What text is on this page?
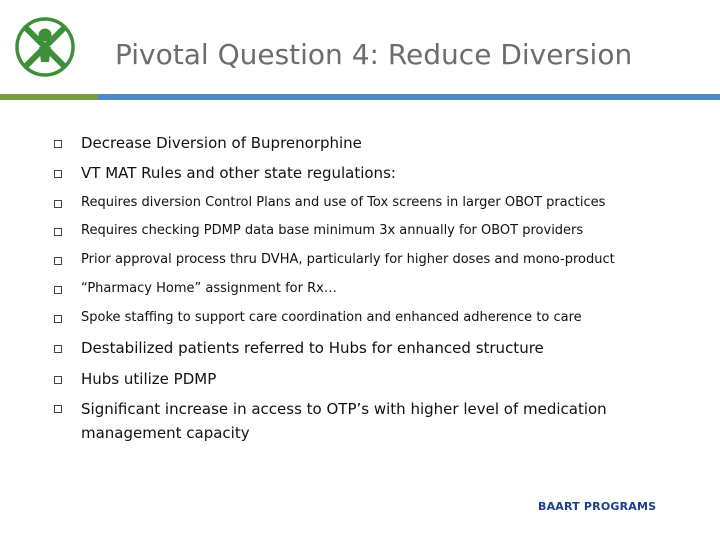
Pivotal Question 4: Reduce Diversion
Decrease Diversion of Buprenorphine
VT MAT Rules and other state regulations:
Requires diversion Control Plans and use of Tox screens in larger OBOT practices
Requires checking PDMP data base minimum 3x annually for OBOT providers
Prior approval process thru DVHA, particularly for higher doses and mono-product
“Pharmacy Home” assignment for Rx…
Spoke staffing to support care coordination and enhanced adherence to care
Destabilized patients referred to Hubs for enhanced structure
Hubs utilize PDMP
Significant increase in access to OTP’s with higher level of medication management capacity
BAART PROGRAMS
